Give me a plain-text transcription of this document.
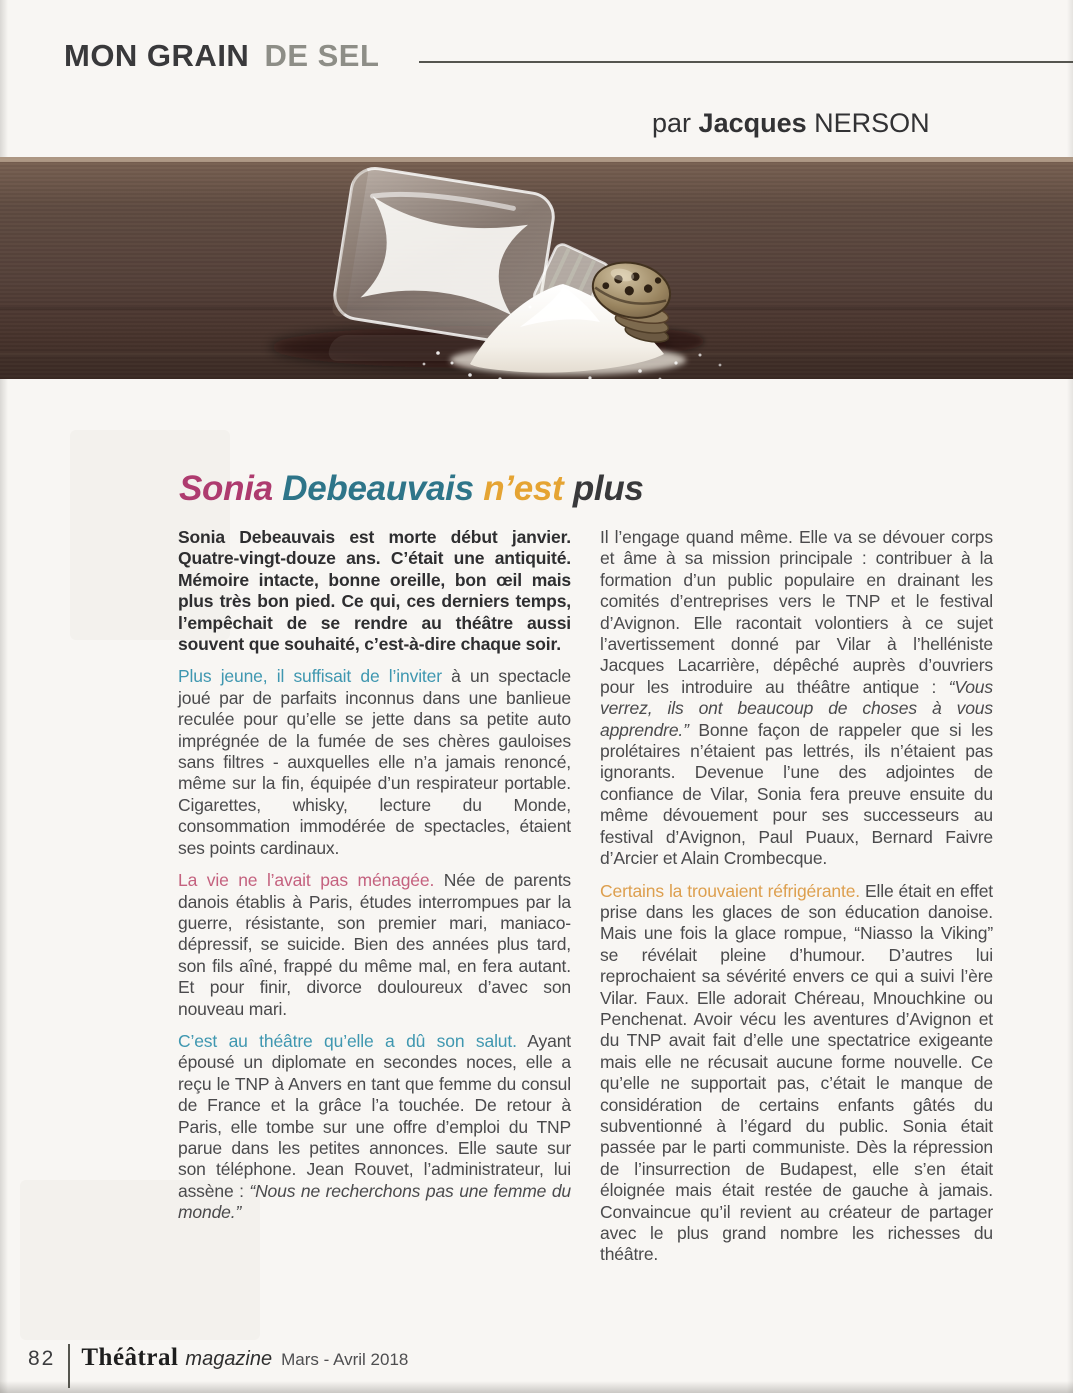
MON GRAIN DE SEL
par Jacques NERSON
Sonia Debeauvais n’est plus

Sonia Debeauvais est morte début janvier. Quatre-vingt-douze ans. C’était une antiquité. Mémoire intacte, bonne oreille, bon œil mais plus très bon pied. Ce qui, ces derniers temps, l’empêchait de se rendre au théâtre aussi souvent que souhaité, c’est-à-dire chaque soir.

Plus jeune, il suffisait de l’inviter à un spectacle joué par de parfaits inconnus dans une banlieue reculée pour qu’elle se jette dans sa petite auto imprégnée de la fumée de ses chères gauloises sans filtres - auxquelles elle n’a jamais renoncé, même sur la fin, équipée d’un respirateur portable. Cigarettes, whisky, lecture du Monde, consommation immodérée de spectacles, étaient ses points cardinaux.

La vie ne l’avait pas ménagée. Née de parents danois établis à Paris, études interrompues par la guerre, résistante, son premier mari, maniaco-dépressif, se suicide. Bien des années plus tard, son fils aîné, frappé du même mal, en fera autant. Et pour finir, divorce douloureux d’avec son nouveau mari.

C’est au théâtre qu’elle a dû son salut. Ayant épousé un diplomate en secondes noces, elle a reçu le TNP à Anvers en tant que femme du consul de France et la grâce l’a touchée. De retour à Paris, elle tombe sur une offre d’emploi du TNP parue dans les petites annonces. Elle saute sur son téléphone. Jean Rouvet, l’administrateur, lui assène : “Nous ne recherchons pas une femme du monde.”

Il l’engage quand même. Elle va se dévouer corps et âme à sa mission principale : contribuer à la formation d’un public populaire en drainant les comités d’entreprises vers le TNP et le festival d’Avignon. Elle racontait volontiers à ce sujet l’avertissement donné par Vilar à l’helléniste Jacques Lacarrière, dépêché auprès d’ouvriers pour les introduire au théâtre antique : “Vous verrez, ils ont beaucoup de choses à vous apprendre.” Bonne façon de rappeler que si les prolétaires n’étaient pas lettrés, ils n’étaient pas ignorants. Devenue l’une des adjointes de confiance de Vilar, Sonia fera preuve ensuite du même dévouement pour ses successeurs au festival d’Avignon, Paul Puaux, Bernard Faivre d’Arcier et Alain Crombecque.

Certains la trouvaient réfrigérante. Elle était en effet prise dans les glaces de son éducation danoise. Mais une fois la glace rompue, “Niasso la Viking” se révélait pleine d’humour. D’autres lui reprochaient sa sévérité envers ce qui a suivi l’ère Vilar. Faux. Elle adorait Chéreau, Mnouchkine ou Penchenat. Avoir vécu les aventures d’Avignon et du TNP avait fait d’elle une spectatrice exigeante mais elle ne récusait aucune forme nouvelle. Ce qu’elle ne supportait pas, c’était le manque de considération de certains enfants gâtés du subventionné à l’égard du public. Sonia était passée par le parti communiste. Dès la répression de l’insurrection de Budapest, elle s’en était éloignée mais était restée de gauche à jamais. Convaincue qu’il revient au créateur de partager avec le plus grand nombre les richesses du théâtre.

82 Théâtral magazine Mars - Avril 2018
